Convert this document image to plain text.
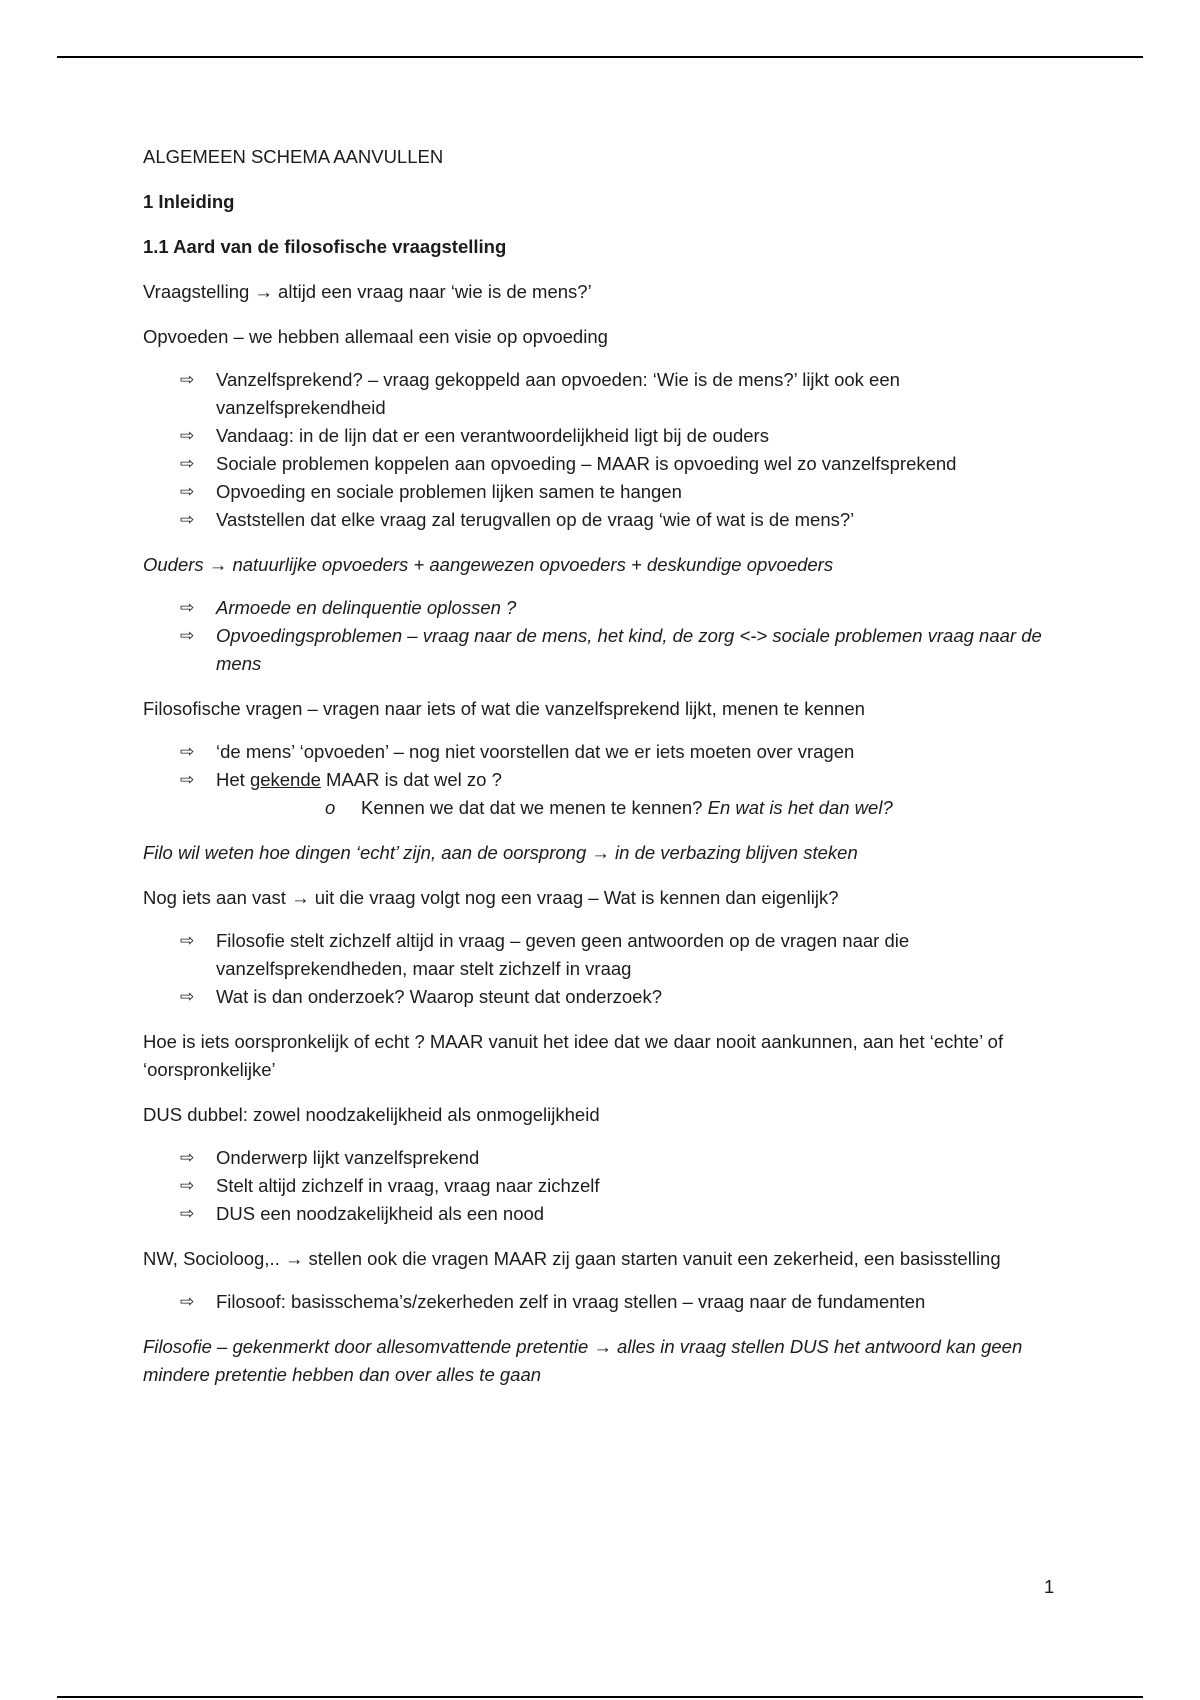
ALGEMEEN SCHEMA AANVULLEN

1 Inleiding

1.1 Aard van de filosofische vraagstelling

Vraagstelling → altijd een vraag naar ‘wie is de mens?’

Opvoeden – we hebben allemaal een visie op opvoeding

⇨ Vanzelfsprekend? – vraag gekoppeld aan opvoeden: ‘Wie is de mens?’ lijkt ook een vanzelfsprekendheid
⇨ Vandaag: in de lijn dat er een verantwoordelijkheid ligt bij de ouders
⇨ Sociale problemen koppelen aan opvoeding – MAAR is opvoeding wel zo vanzelfsprekend
⇨ Opvoeding en sociale problemen lijken samen te hangen
⇨ Vaststellen dat elke vraag zal terugvallen op de vraag ‘wie of wat is de mens?’

Ouders → natuurlijke opvoeders + aangewezen opvoeders + deskundige opvoeders

⇨ Armoede en delinquentie oplossen ?
⇨ Opvoedingsproblemen – vraag naar de mens, het kind, de zorg <-> sociale problemen vraag naar de mens

Filosofische vragen – vragen naar iets of wat die vanzelfsprekend lijkt, menen te kennen

⇨ ‘de mens’ ‘opvoeden’ – nog niet voorstellen dat we er iets moeten over vragen
⇨ Het gekende MAAR is dat wel zo ?
o Kennen we dat dat we menen te kennen? En wat is het dan wel?

Filo wil weten hoe dingen ‘echt’ zijn, aan de oorsprong → in de verbazing blijven steken

Nog iets aan vast → uit die vraag volgt nog een vraag – Wat is kennen dan eigenlijk?

⇨ Filosofie stelt zichzelf altijd in vraag – geven geen antwoorden op de vragen naar die vanzelfsprekendheden, maar stelt zichzelf in vraag
⇨ Wat is dan onderzoek? Waarop steunt dat onderzoek?

Hoe is iets oorspronkelijk of echt ? MAAR vanuit het idee dat we daar nooit aankunnen, aan het ‘echte’ of ‘oorspronkelijke’

DUS dubbel: zowel noodzakelijkheid als onmogelijkheid

⇨ Onderwerp lijkt vanzelfsprekend
⇨ Stelt altijd zichzelf in vraag, vraag naar zichzelf
⇨ DUS een noodzakelijkheid als een nood

NW, Socioloog,.. → stellen ook die vragen MAAR zij gaan starten vanuit een zekerheid, een basisstelling

⇨ Filosoof: basisschema’s/zekerheden zelf in vraag stellen – vraag naar de fundamenten

Filosofie – gekenmerkt door allesomvattende pretentie → alles in vraag stellen DUS het antwoord kan geen mindere pretentie hebben dan over alles te gaan

1
